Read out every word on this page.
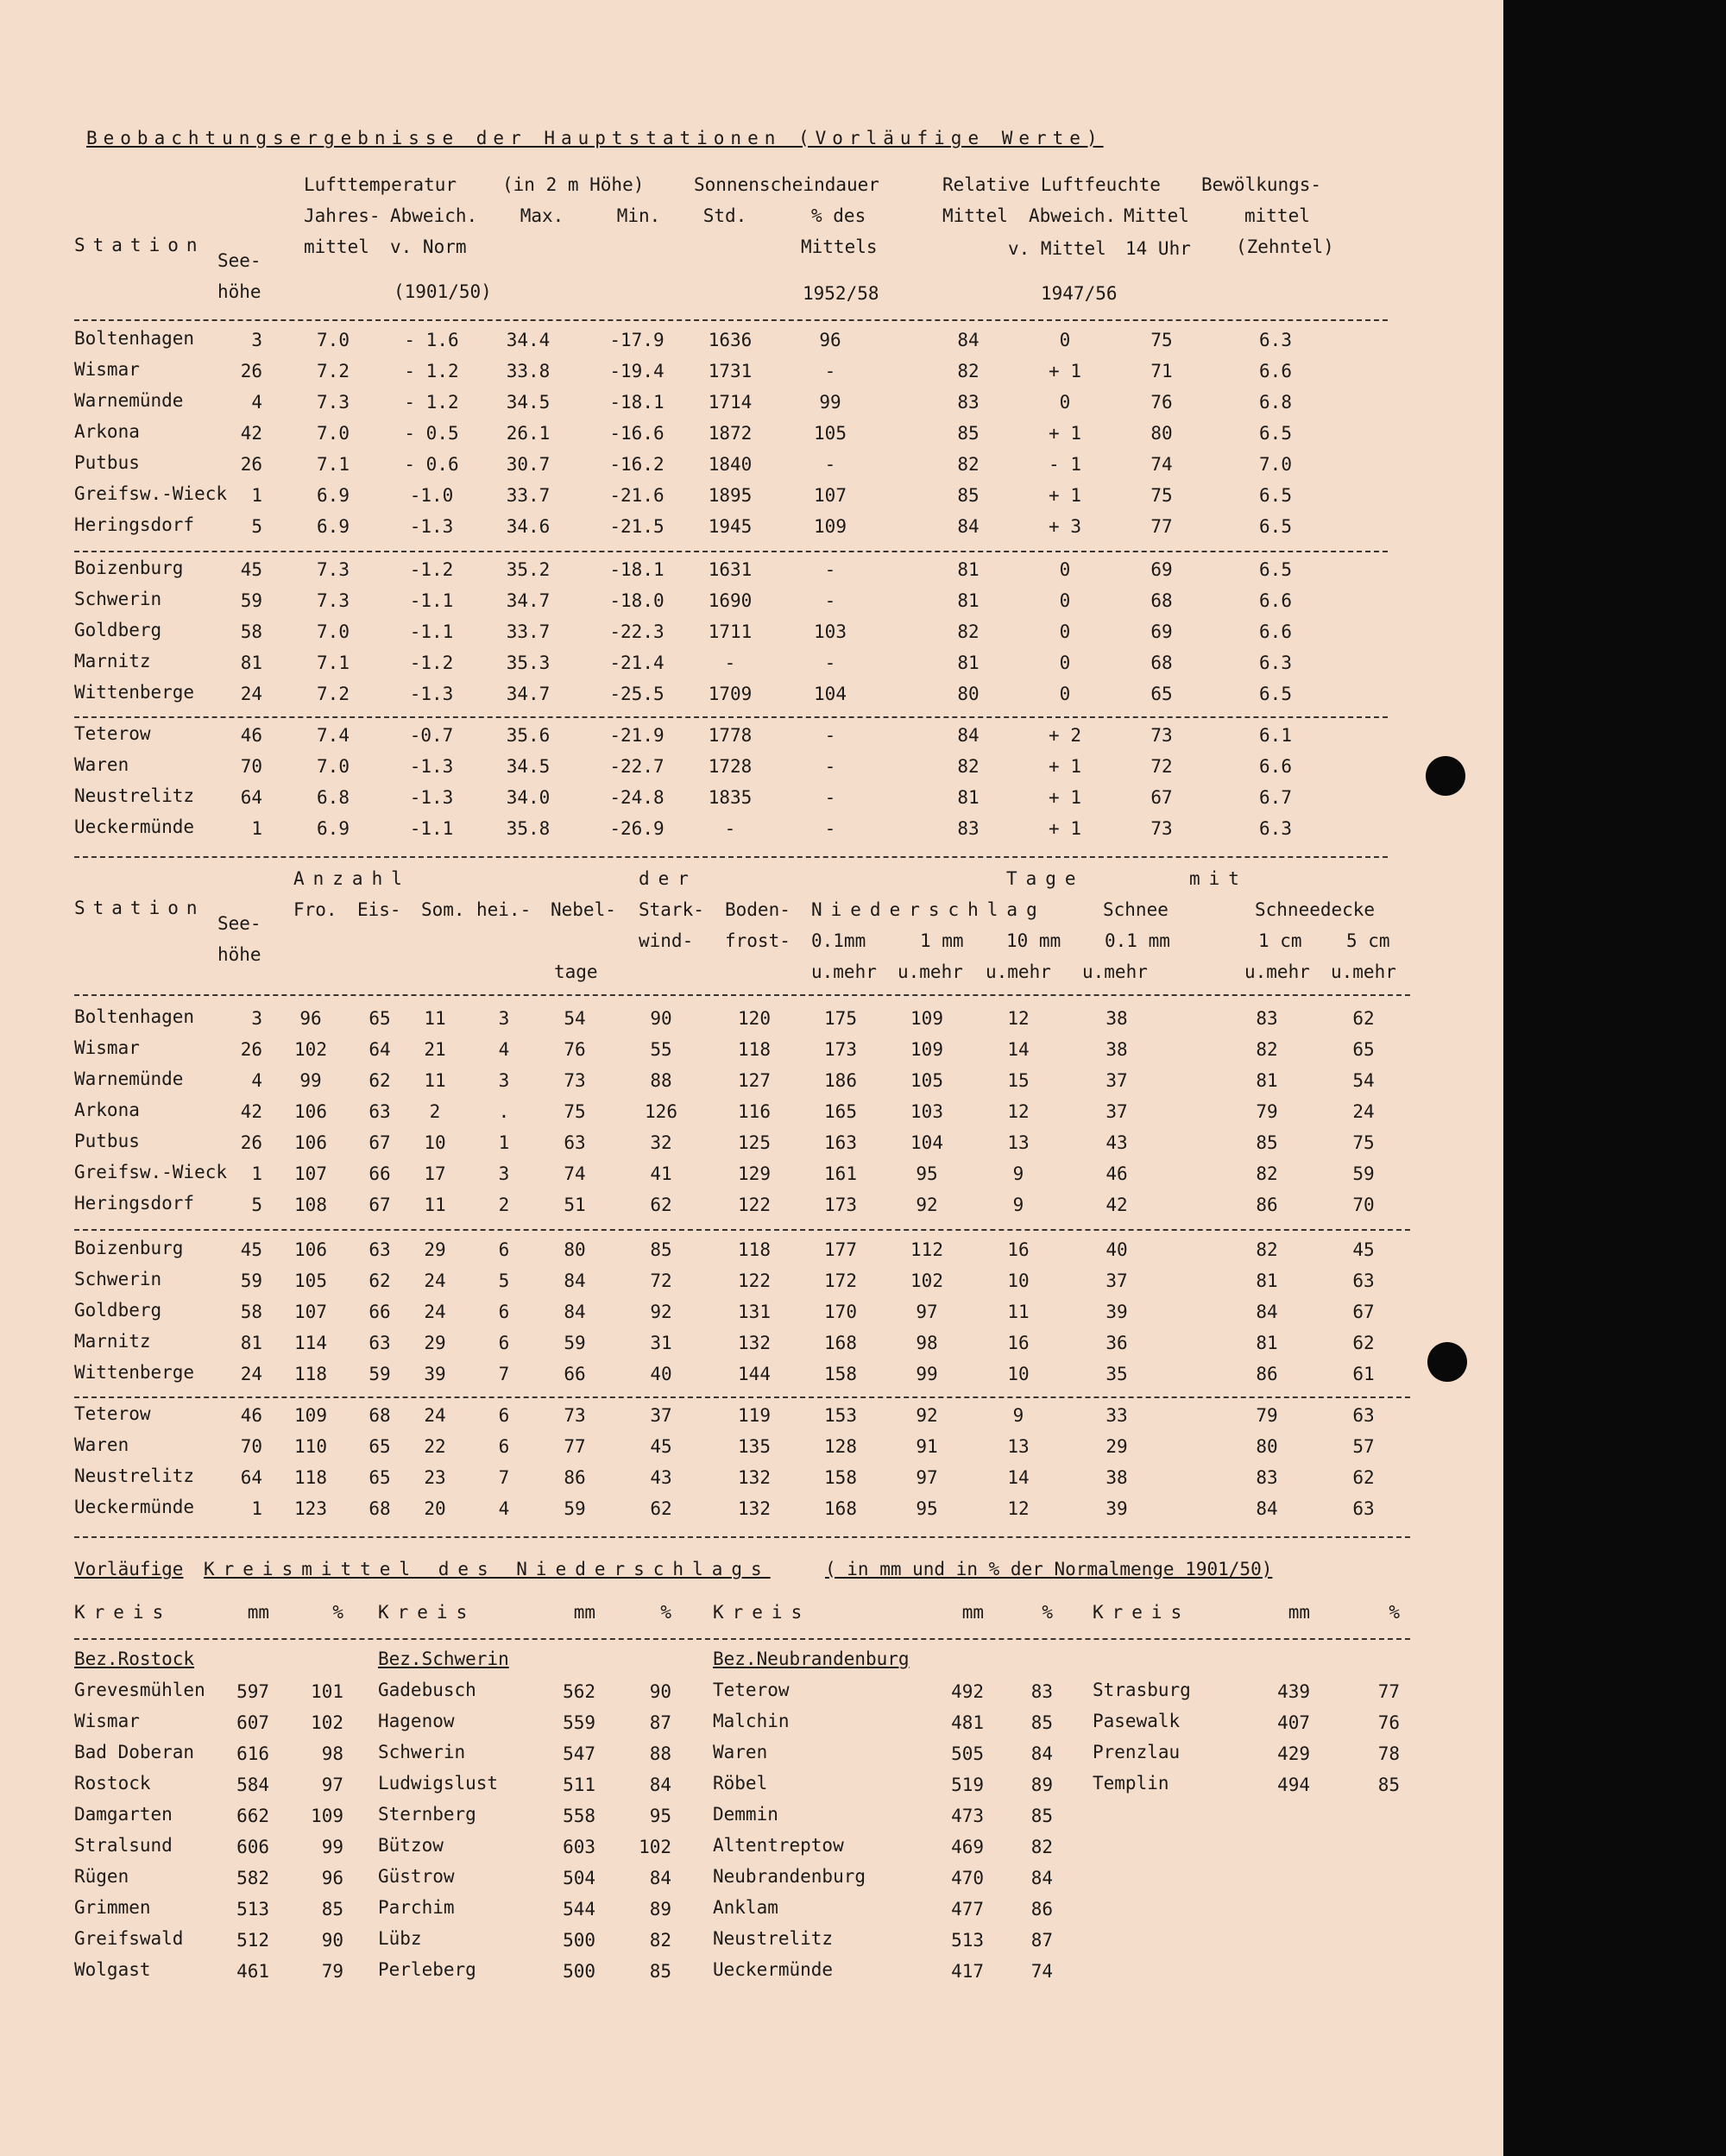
Beobachtungsergebnisse der Hauptstationen (Vorläufige Werte)
Lufttemperatur	(in 2 m Höhe)	Sonnenscheindauer	Relative Luftfeuchte Bewölkungs-
Jahres- Abweich.	Max.	Min.	Std.	% des	Mittel Abweich. Mittel	mittel
Station
See-
mittel v. Norm	Mittels	v. Mittel 14 Uhr (Zehntel)
höhe	(1901/50)	1952/58	1947/56
Boltenhagen	3	7.0	- 1.6	34.4	-17.9	1636	96	84	0	75	6.3
Wismar	26	7.2	- 1.2	33.8	-19.4	1731	-	82	+ 1	71	6.6
Warnemünde	4	7.3	- 1.2	34.5	-18.1	1714	99	83	0	76	6.8
Arkona	42	7.0	- 0.5	26.1	-16.6	1872	105	85	+ 1	80	6.5
Putbus	26	7.1	- 0.6	30.7	-16.2	1840	-	82	- 1	74	7.0
Greifsw.-Wieck	1	6.9	-1.0	33.7	-21.6	1895	107	85	+ 1	75	6.5
Heringsdorf	5	6.9	-1.3	34.6	-21.5	1945	109	84	+ 3	77	6.5
Boizenburg	45	7.3	-1.2	35.2	-18.1	1631	-	81	0	69	6.5
Schwerin	59	7.3	-1.1	34.7	-18.0	1690	-	81	0	68	6.6
Goldberg	58	7.0	-1.1	33.7	-22.3	1711	103	82	0	69	6.6
Marnitz	81	7.1	-1.2	35.3	-21.4	-	-	81	0	68	6.3
Wittenberge	24	7.2	-1.3	34.7	-25.5	1709	104	80	0	65	6.5
Teterow	46	7.4	-0.7	35.6	-21.9	1778	-	84	+ 2	73	6.1
Waren	70	7.0	-1.3	34.5	-22.7	1728	-	82	+ 1	72	6.6
Neustrelitz	64	6.8	-1.3	34.0	-24.8	1835	-	81	+ 1	67	6.7
Ueckermünde	1	6.9	-1.1	35.8	-26.9	-	-	83	+ 1	73	6.3
Anzahl	der	Tage	mit
Station
See-
Fro. Eis- Som. hei.- Nebel- Stark- Boden- Niederschlag	Schnee	Schneedecke
wind- frost- 0.1mm	1 mm 10 mm 0.1 mm	1 cm 5 cm
höhe
tage	u.mehr u.mehr u.mehr u.mehr	u.mehr u.mehr
Boltenhagen	3	96	65	11	3	54	90	120	175	109	12	38	83	62
Wismar	26	102	64	21	4	76	55	118	173	109	14	38	82	65
Warnemünde	4	99	62	11	3	73	88	127	186	105	15	37	81	54
Arkona	42	106	63	2	.	75	126	116	165	103	12	37	79	24
Putbus	26	106	67	10	1	63	32	125	163	104	13	43	85	75
Greifsw.-Wieck	1	107	66	17	3	74	41	129	161	95	9	46	82	59
Heringsdorf	5	108	67	11	2	51	62	122	173	92	9	42	86	70
Boizenburg	45	106	63	29	6	80	85	118	177	112	16	40	82	45
Schwerin	59	105	62	24	5	84	72	122	172	102	10	37	81	63
Goldberg	58	107	66	24	6	84	92	131	170	97	11	39	84	67
Marnitz	81	114	63	29	6	59	31	132	168	98	16	36	81	62
Wittenberge	24	118	59	39	7	66	40	144	158	99	10	35	86	61
Teterow	46	109	68	24	6	73	37	119	153	92	9	33	79	63
Waren	70	110	65	22	6	77	45	135	128	91	13	29	80	57
Neustrelitz	64	118	65	23	7	86	43	132	158	97	14	38	83	62
Ueckermünde	1	123	68	20	4	59	62	132	168	95	12	39	84	63
Vorläufige Kreismittel des Niederschlags	( in mm und in % der Normalmenge 1901/50)
Kreis	mm	% Kreis	mm	% Kreis	mm	% Kreis	mm	%
Bez.Rostock
Grevesmühlen	597	101
Wismar	607	102
Bad Doberan	616	98
Rostock	584	97
Damgarten	662	109
Stralsund	606	99
Rügen	582	96
Grimmen	513	85
Greifswald	512	90
Wolgast	461	79
Bez.Schwerin
Gadebusch	562	90
Hagenow	559	87
Schwerin	547	88
Ludwigslust	511	84
Sternberg	558	95
Bützow	603	102
Güstrow	504	84
Parchim	544	89
Lübz	500	82
Perleberg	500	85
Bez.Neubrandenburg
Teterow	492	83
Malchin	481	85
Waren	505	84
Röbel	519	89
Demmin	473	85
Altentreptow	469	82
Neubrandenburg	470	84
Anklam	477	86
Neustrelitz	513	87
Ueckermünde	417	74
Strasburg	439	77
Pasewalk	407	76
Prenzlau	429	78
Templin	494	85
